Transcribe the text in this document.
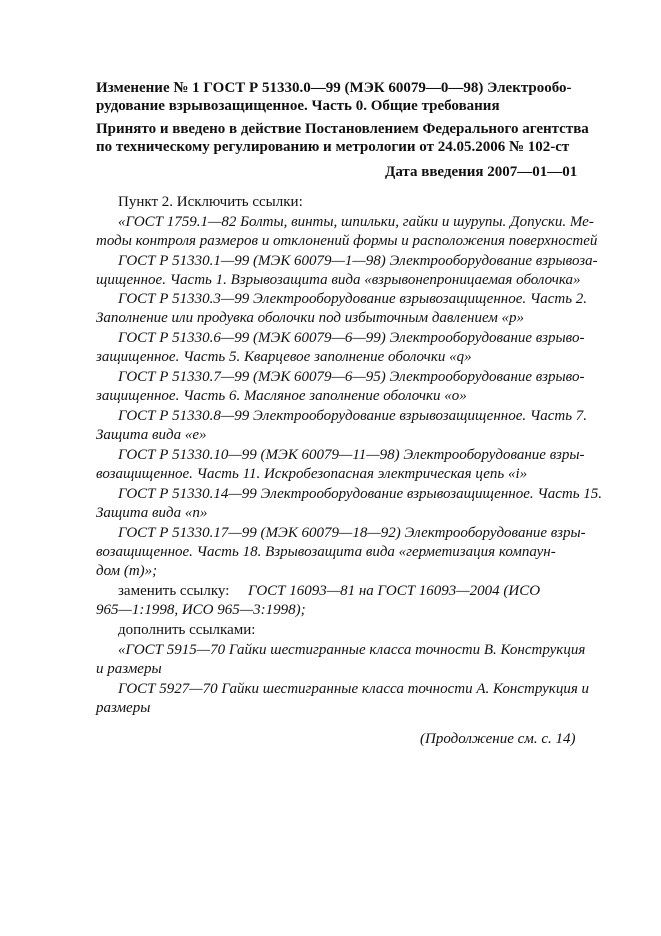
Изменение № 1 ГОСТ Р 51330.0—99 (МЭК 60079—0—98) Электрообо-
рудование взрывозащищенное. Часть 0. Общие требования
Принято и введено в действие Постановлением Федерального агентства
по техническому регулированию и метрологии от 24.05.2006 № 102-ст
Дата введения 2007—01—01
Пункт 2. Исключить ссылки:
«ГОСТ 1759.1—82 Болты, винты, шпильки, гайки и шурупы. Допуски. Ме-
тоды контроля размеров и отклонений формы и расположения поверхностей
ГОСТ Р 51330.1—99 (МЭК 60079—1—98) Электрооборудование взрывоза-
щищенное. Часть 1. Взрывозащита вида «взрывонепроницаемая оболочка»
ГОСТ Р 51330.3—99 Электрооборудование взрывозащищенное. Часть 2.
Заполнение или продувка оболочки под избыточным давлением «р»
ГОСТ Р 51330.6—99 (МЭК 60079—6—99) Электрооборудование взрыво-
защищенное. Часть 5. Кварцевое заполнение оболочки «q»
ГОСТ Р 51330.7—99 (МЭК 60079—6—95) Электрооборудование взрыво-
защищенное. Часть 6. Масляное заполнение оболочки «о»
ГОСТ Р 51330.8—99 Электрооборудование взрывозащищенное. Часть 7.
Защита вида «е»
ГОСТ Р 51330.10—99 (МЭК 60079—11—98) Электрооборудование взры-
возащищенное. Часть 11. Искробезопасная электрическая цепь «i»
ГОСТ Р 51330.14—99 Электрооборудование взрывозащищенное. Часть 15.
Защита вида «n»
ГОСТ Р 51330.17—99 (МЭК 60079—18—92) Электрооборудование взры-
возащищенное. Часть 18. Взрывозащита вида «герметизация компаун-
дом (m)»;
заменить ссылку: ГОСТ 16093—81 на ГОСТ 16093—2004 (ИСО
965—1:1998, ИСО 965—3:1998);
дополнить ссылками:
«ГОСТ 5915—70 Гайки шестигранные класса точности В. Конструкция
и размеры
ГОСТ 5927—70 Гайки шестигранные класса точности А. Конструкция и
размеры
(Продолжение см. с. 14)
